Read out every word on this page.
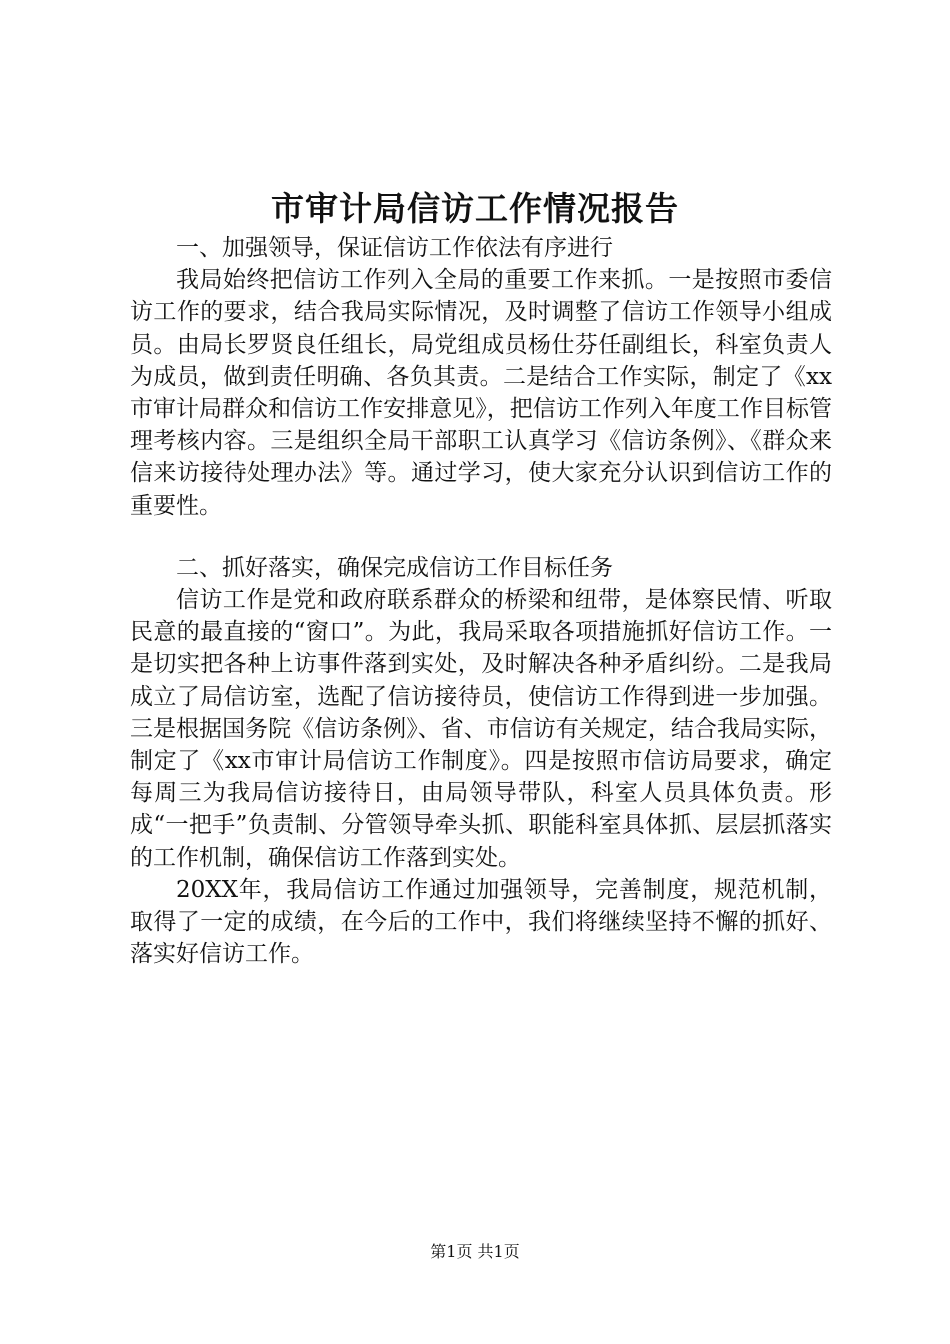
市审计局信访工作情况报告

一、加强领导，保证信访工作依法有序进行

我局始终把信访工作列入全局的重要工作来抓。一是按照市委信访工作的要求，结合我局实际情况，及时调整了信访工作领导小组成员。由局长罗贤良任组长，局党组成员杨仕芬任副组长，科室负责人为成员，做到责任明确、各负其责。二是结合工作实际，制定了《xx市审计局群众和信访工作安排意见》，把信访工作列入年度工作目标管理考核内容。三是组织全局干部职工认真学习《信访条例》、《群众来信来访接待处理办法》等。通过学习，使大家充分认识到信访工作的重要性。

二、抓好落实，确保完成信访工作目标任务

信访工作是党和政府联系群众的桥梁和纽带，是体察民情、听取民意的最直接的“窗口”。为此，我局采取各项措施抓好信访工作。一是切实把各种上访事件落到实处，及时解决各种矛盾纠纷。二是我局成立了局信访室，选配了信访接待员，使信访工作得到进一步加强。三是根据国务院《信访条例》、省、市信访有关规定，结合我局实际，制定了《xx市审计局信访工作制度》。四是按照市信访局要求，确定每周三为我局信访接待日，由局领导带队，科室人员具体负责。形成“一把手”负责制、分管领导牵头抓、职能科室具体抓、层层抓落实的工作机制，确保信访工作落到实处。

20XX年，我局信访工作通过加强领导，完善制度，规范机制，取得了一定的成绩，在今后的工作中，我们将继续坚持不懈的抓好、落实好信访工作。

第1页 共1页
